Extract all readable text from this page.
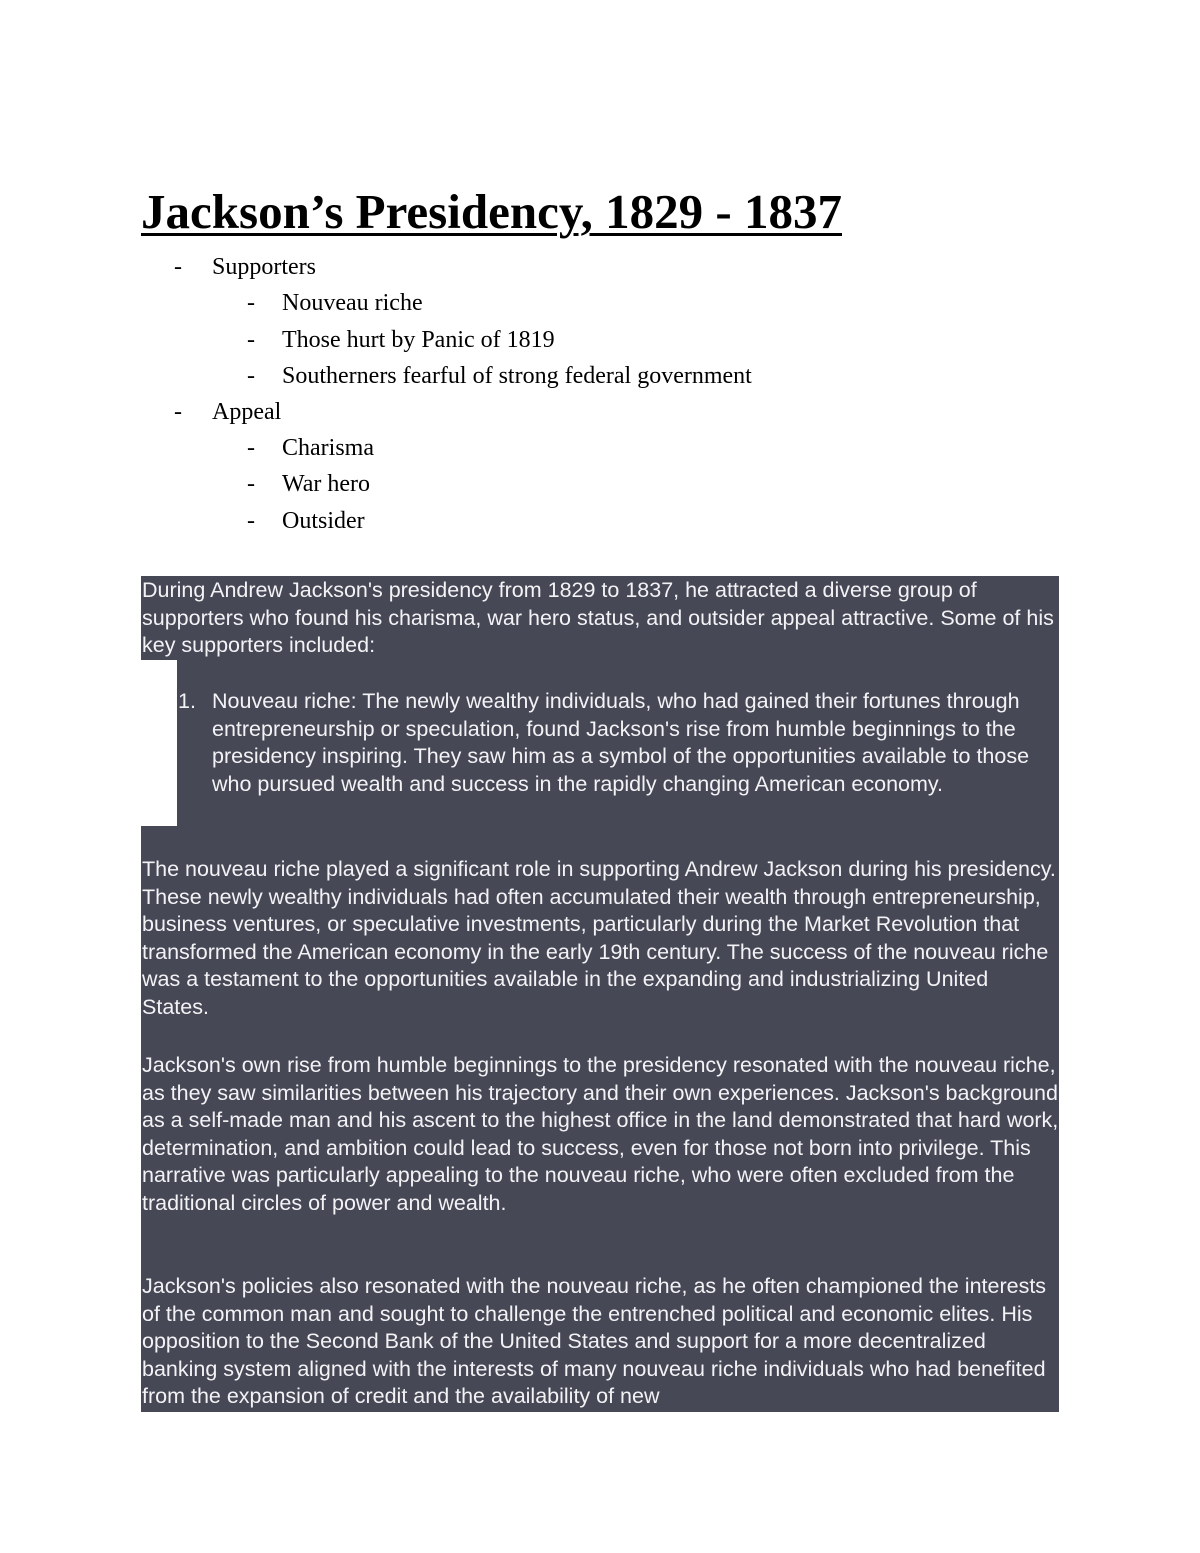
Jackson’s Presidency, 1829 - 1837
- Supporters
- Nouveau riche
- Those hurt by Panic of 1819
- Southerners fearful of strong federal government
- Appeal
- Charisma
- War hero
- Outsider

During Andrew Jackson's presidency from 1829 to 1837, he attracted a diverse group of supporters who found his charisma, war hero status, and outsider appeal attractive. Some of his key supporters included:

1. Nouveau riche: The newly wealthy individuals, who had gained their fortunes through entrepreneurship or speculation, found Jackson's rise from humble beginnings to the presidency inspiring. They saw him as a symbol of the opportunities available to those who pursued wealth and success in the rapidly changing American economy.

The nouveau riche played a significant role in supporting Andrew Jackson during his presidency. These newly wealthy individuals had often accumulated their wealth through entrepreneurship, business ventures, or speculative investments, particularly during the Market Revolution that transformed the American economy in the early 19th century. The success of the nouveau riche was a testament to the opportunities available in the expanding and industrializing United States.

Jackson's own rise from humble beginnings to the presidency resonated with the nouveau riche, as they saw similarities between his trajectory and their own experiences. Jackson's background as a self-made man and his ascent to the highest office in the land demonstrated that hard work, determination, and ambition could lead to success, even for those not born into privilege. This narrative was particularly appealing to the nouveau riche, who were often excluded from the traditional circles of power and wealth.

Jackson's policies also resonated with the nouveau riche, as he often championed the interests of the common man and sought to challenge the entrenched political and economic elites. His opposition to the Second Bank of the United States and support for a more decentralized banking system aligned with the interests of many nouveau riche individuals who had benefited from the expansion of credit and the availability of new
